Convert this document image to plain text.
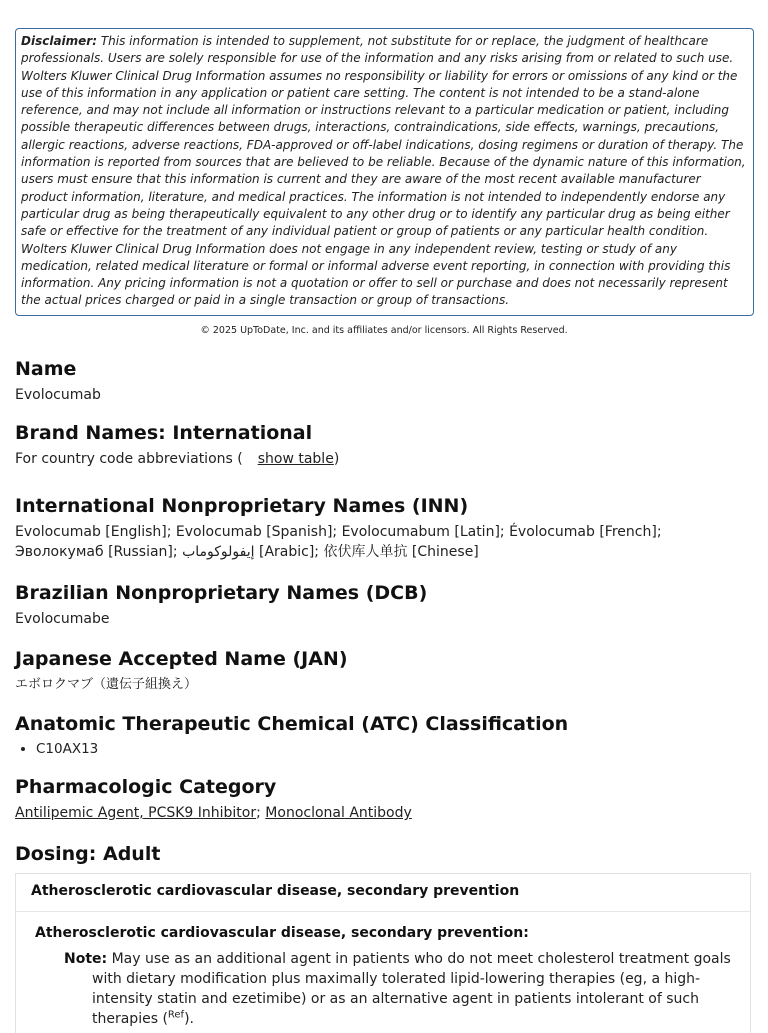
Disclaimer: This information is intended to supplement, not substitute for or replace, the judgment of healthcare professionals. Users are solely responsible for use of the information and any risks arising from or related to such use. Wolters Kluwer Clinical Drug Information assumes no responsibility or liability for errors or omissions of any kind or the use of this information in any application or patient care setting. The content is not intended to be a stand-alone reference, and may not include all information or instructions relevant to a particular medication or patient, including possible therapeutic differences between drugs, interactions, contraindications, side effects, warnings, precautions, allergic reactions, adverse reactions, FDA-approved or off-label indications, dosing regimens or duration of therapy. The information is reported from sources that are believed to be reliable. Because of the dynamic nature of this information, users must ensure that this information is current and they are aware of the most recent available manufacturer product information, literature, and medical practices. The information is not intended to independently endorse any particular drug as being therapeutically equivalent to any other drug or to identify any particular drug as being either safe or effective for the treatment of any individual patient or group of patients or any particular health condition. Wolters Kluwer Clinical Drug Information does not engage in any independent review, testing or study of any medication, related medical literature or formal or informal adverse event reporting, in connection with providing this information. Any pricing information is not a quotation or offer to sell or purchase and does not necessarily represent the actual prices charged or paid in a single transaction or group of transactions.
© 2025 UpToDate, Inc. and its affiliates and/or licensors. All Rights Reserved.
Name
Evolocumab
Brand Names: International
For country code abbreviations ( show table)
International Nonproprietary Names (INN)
Evolocumab [English]; Evolocumab [Spanish]; Evolocumabum [Latin]; Évolocumab [French]; Эволокумаб [Russian]; إيفولوكوماب [Arabic]; 依伏库人单抗 [Chinese]
Brazilian Nonproprietary Names (DCB)
Evolocumabe
Japanese Accepted Name (JAN)
エボロクマブ（遺伝子組換え）
Anatomic Therapeutic Chemical (ATC) Classification
• C10AX13
Pharmacologic Category
Antilipemic Agent, PCSK9 Inhibitor; Monoclonal Antibody
Dosing: Adult
Atherosclerotic cardiovascular disease, secondary prevention
Atherosclerotic cardiovascular disease, secondary prevention:
Note: May use as an additional agent in patients who do not meet cholesterol treatment goals with dietary modification plus maximally tolerated lipid-lowering therapies (eg, a high-intensity statin and ezetimibe) or as an alternative agent in patients intolerant of such therapies ($^{Ref}$).
